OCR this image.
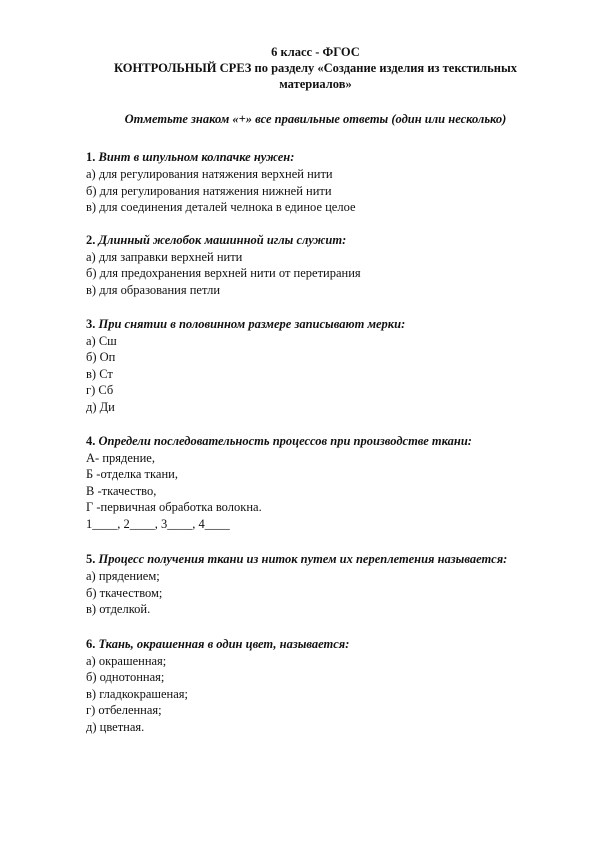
6 класс - ФГОС
КОНТРОЛЬНЫЙ СРЕЗ по разделу «Создание изделия из текстильных материалов»
Отметьте знаком «+» все правильные ответы (один или несколько)
1. Винт в шпульном колпачке нужен:
а) для регулирования натяжения верхней нити
б) для регулирования натяжения нижней нити
в) для соединения деталей челнока в единое целое
2. Длинный желобок машинной иглы служит:
а) для заправки верхней нити
б) для предохранения верхней нити от перетирания
в) для образования петли
3. При снятии в половинном размере записывают мерки:
а) Сш
б) Оп
в) Ст
г) Сб
д) Ди
4. Определи последовательность процессов при производстве ткани:
А- прядение,
Б -отделка ткани,
В -ткачество,
Г -первичная обработка волокна.
1____, 2____, 3____, 4____
5. Процесс получения ткани из ниток путем их переплетения называется:
а) прядением;
б) ткачеством;
в) отделкой.
6. Ткань, окрашенная в один цвет, называется:
а) окрашенная;
б) однотонная;
в) гладкокрашеная;
г) отбеленная;
д) цветная.
